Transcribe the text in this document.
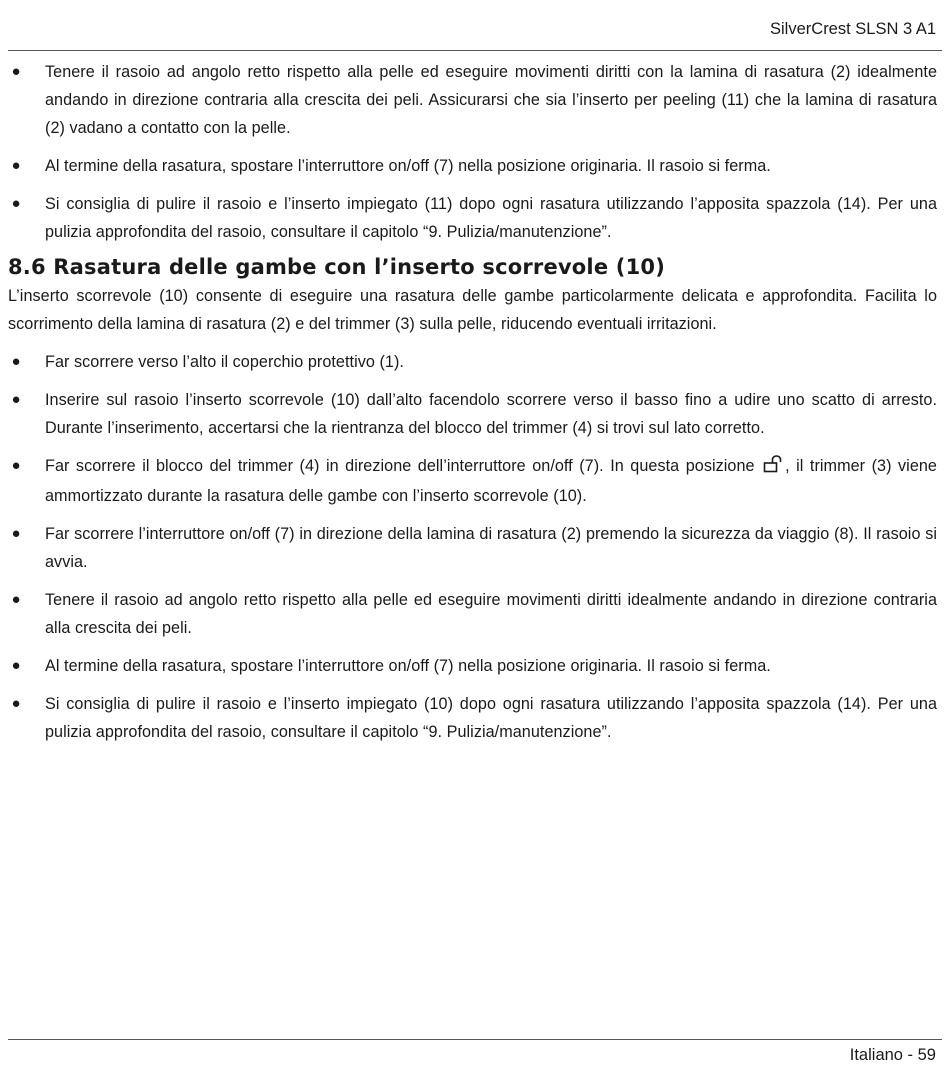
SilverCrest SLSN 3 A1
● Tenere il rasoio ad angolo retto rispetto alla pelle ed eseguire movimenti diritti con la lamina di rasatura (2) idealmente andando in direzione contraria alla crescita dei peli. Assicurarsi che sia l’inserto per peeling (11) che la lamina di rasatura (2) vadano a contatto con la pelle.
● Al termine della rasatura, spostare l’interruttore on/off (7) nella posizione originaria. Il rasoio si ferma.
● Si consiglia di pulire il rasoio e l’inserto impiegato (11) dopo ogni rasatura utilizzando l’apposita spazzola (14). Per una pulizia approfondita del rasoio, consultare il capitolo “9. Pulizia/manutenzione”.
8.6 Rasatura delle gambe con l’inserto scorrevole (10)

L’inserto scorrevole (10) consente di eseguire una rasatura delle gambe particolarmente delicata e approfondita. Facilita lo scorrimento della lamina di rasatura (2) e del trimmer (3) sulla pelle, riducendo eventuali irritazioni.

● Far scorrere verso l’alto il coperchio protettivo (1).
● Inserire sul rasoio l’inserto scorrevole (10) dall’alto facendolo scorrere verso il basso fino a udire uno scatto di arresto. Durante l’inserimento, accertarsi che la rientranza del blocco del trimmer (4) si trovi sul lato corretto.
● Far scorrere il blocco del trimmer (4) in direzione dell’interruttore on/off (7). In questa posizione , il trimmer (3) viene ammortizzato durante la rasatura delle gambe con l’inserto scorrevole (10).
● Far scorrere l’interruttore on/off (7) in direzione della lamina di rasatura (2) premendo la sicurezza da viaggio (8). Il rasoio si avvia.
● Tenere il rasoio ad angolo retto rispetto alla pelle ed eseguire movimenti diritti idealmente andando in direzione contraria alla crescita dei peli.
● Al termine della rasatura, spostare l’interruttore on/off (7) nella posizione originaria. Il rasoio si ferma.
● Si consiglia di pulire il rasoio e l’inserto impiegato (10) dopo ogni rasatura utilizzando l’apposita spazzola (14). Per una pulizia approfondita del rasoio, consultare il capitolo “9. Pulizia/manutenzione”.
Italiano - 59
